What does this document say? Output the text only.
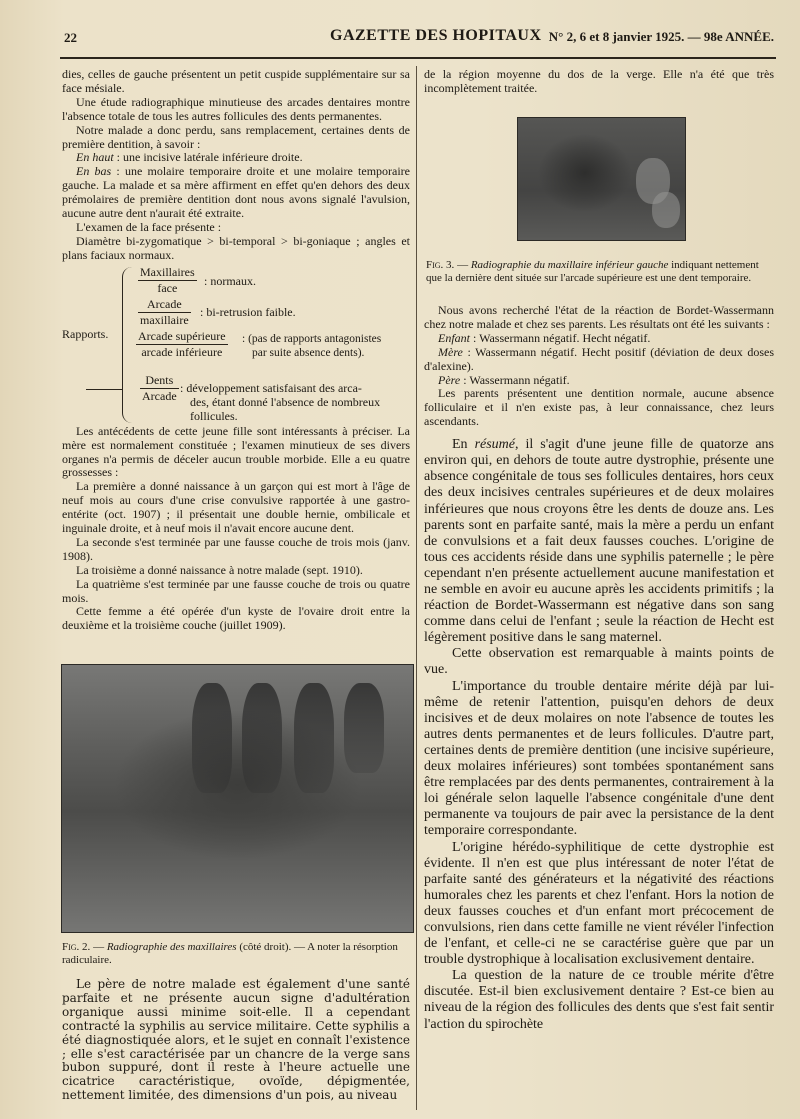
22	GAZETTE DES HOPITAUX N° 2, 6 et 8 janvier 1925. — 98e ANNÉE.

dies, celles de gauche présentent un petit cuspide supplémentaire sur sa face mésiale.

Une étude radiographique minutieuse des arcades dentaires montre l'absence totale de tous les autres follicules des dents permanentes.

Notre malade a donc perdu, sans remplacement, certaines dents de première dentition, à savoir :

En haut : une incisive latérale inférieure droite.

En bas : une molaire temporaire droite et une molaire temporaire gauche. La malade et sa mère affirment en effet qu'en dehors des deux prémolaires de première dentition dont nous avons signalé l'avulsion, aucune autre dent n'aurait été extraite.

L'examen de la face présente :

Diamètre bi-zygomatique > bi-temporal > bi-goniaque ; angles et plans faciaux normaux.

Rapports.
Maxillaires
face	: normaux.
Arcade
maxillaire
: bi-retrusion faible.
Arcade supérieure
arcade inférieure
: (pas de rapports antagonistes
par suite absence dents).
Dents
Arcade
: développement satisfaisant des arca-
des, étant donné l'absence de nombreux
follicules.

Les antécédents de cette jeune fille sont intéressants à préciser. La mère est normalement constituée ; l'examen minutieux de ses divers organes n'a permis de déceler aucun trouble morbide. Elle a eu quatre grossesses :

La première a donné naissance à un garçon qui est mort à l'âge de neuf mois au cours d'une crise convulsive rapportée à une gastro-entérite (oct. 1907) ; il présentait une double hernie, ombilicale et inguinale droite, et à neuf mois il n'avait encore aucune dent.

La seconde s'est terminée par une fausse couche de trois mois (janv. 1908).

La troisième a donné naissance à notre malade (sept. 1910).

La quatrième s'est terminée par une fausse couche de trois ou quatre mois.

Cette femme a été opérée d'un kyste de l'ovaire droit entre la deuxième et la troisième couche (juillet 1909).

Fig. 2. — Radiographie des maxillaires (côté droit). — A noter la résorption radiculaire.

Le père de notre malade est également d'une santé parfaite et ne présente aucun signe d'adultération organique aussi minime soit-elle. Il a cependant contracté la syphilis au service militaire. Cette syphilis a été diagnostiquée alors, et le sujet en connaît l'existence ; elle s'est caractérisée par un chancre de la verge sans bubon suppuré, dont il reste à l'heure actuelle une cicatrice caractéristique, ovoïde, dépigmentée, nettement limitée, des dimensions d'un pois, au niveau

de la région moyenne du dos de la verge. Elle n'a été que très incomplètement traitée.

Fig. 3. — Radiographie du maxillaire inférieur gauche indiquant nettement que la dernière dent située sur l'arcade supérieure est une dent temporaire.

Nous avons recherché l'état de la réaction de Bordet-Wassermann chez notre malade et chez ses parents. Les résultats ont été les suivants :

Enfant : Wassermann négatif. Hecht négatif.

Mère : Wassermann négatif. Hecht positif (déviation de deux doses d'alexine).

Père : Wassermann négatif.

Les parents présentent une dentition normale, aucune absence folliculaire et il n'en existe pas, à leur connaissance, chez leurs ascendants.

En résumé, il s'agit d'une jeune fille de quatorze ans environ qui, en dehors de toute autre dystrophie, présente une absence congénitale de tous ses follicules dentaires, hors ceux des deux incisives centrales supérieures et de deux molaires inférieures que nous croyons être les dents de douze ans. Les parents sont en parfaite santé, mais la mère a perdu un enfant de convulsions et a fait deux fausses couches. L'origine de tous ces accidents réside dans une syphilis paternelle ; le père cependant n'en présente actuellement aucune manifestation et ne semble en avoir eu aucune après les accidents primitifs ; la réaction de Bordet-Wassermann est négative dans son sang comme dans celui de l'enfant ; seule la réaction de Hecht est légèrement positive dans le sang maternel.

Cette observation est remarquable à maints points de vue.

L'importance du trouble dentaire mérite déjà par lui-même de retenir l'attention, puisqu'en dehors de deux incisives et de deux molaires on note l'absence de toutes les autres dents permanentes et de leurs follicules. D'autre part, certaines dents de première dentition (une incisive supérieure, deux molaires inférieures) sont tombées spontanément sans être remplacées par des dents permanentes, contrairement à la loi générale selon laquelle l'absence congénitale d'une dent permanente va toujours de pair avec la persistance de la dent temporaire correspondante.

L'origine hérédo-syphilitique de cette dystrophie est évidente. Il n'en est que plus intéressant de noter l'état de parfaite santé des générateurs et la négativité des réactions humorales chez les parents et chez l'enfant. Hors la notion de deux fausses couches et d'un enfant mort précocement de convulsions, rien dans cette famille ne vient révéler l'infection de l'enfant, et celle-ci ne se caractérise guère que par un trouble dystrophique à localisation exclusivement dentaire.

La question de la nature de ce trouble mérite d'être discutée. Est-il bien exclusivement dentaire ? Est-ce bien au niveau de la région des follicules des dents que s'est fait sentir l'action du spirochète
